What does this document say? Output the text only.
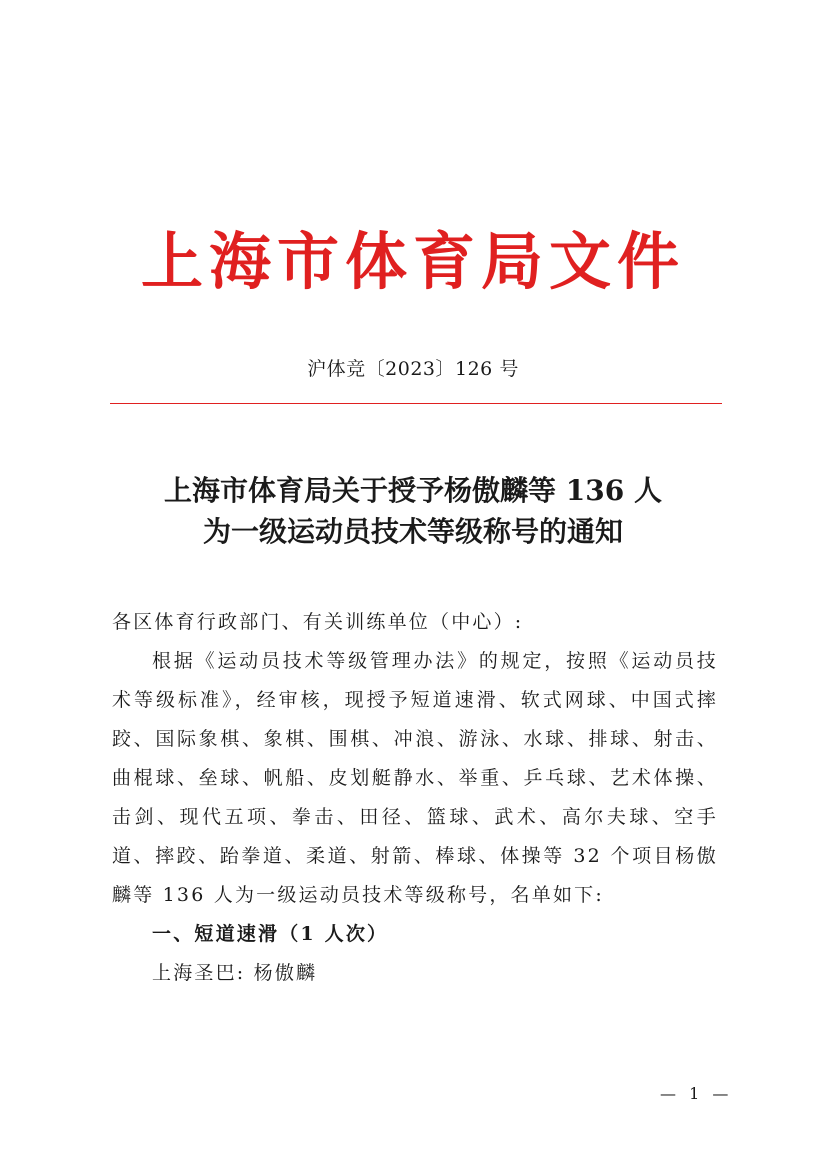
上海市体育局文件
沪体竞〔2023〕126 号
上海市体育局关于授予杨傲麟等 136 人
为一级运动员技术等级称号的通知
各区体育行政部门、有关训练单位（中心）:
根据《运动员技术等级管理办法》的规定，按照《运动员技术等级标准》，经审核，现授予短道速滑、软式网球、中国式摔跤、国际象棋、象棋、围棋、冲浪、游泳、水球、排球、射击、曲棍球、垒球、帆船、皮划艇静水、举重、乒乓球、艺术体操、击剑、现代五项、拳击、田径、篮球、武术、高尔夫球、空手道、摔跤、跆拳道、柔道、射箭、棒球、体操等 32 个项目杨傲麟等 136 人为一级运动员技术等级称号，名单如下:
一、短道速滑（1 人次）
上海圣巴: 杨傲麟
— 1 —
